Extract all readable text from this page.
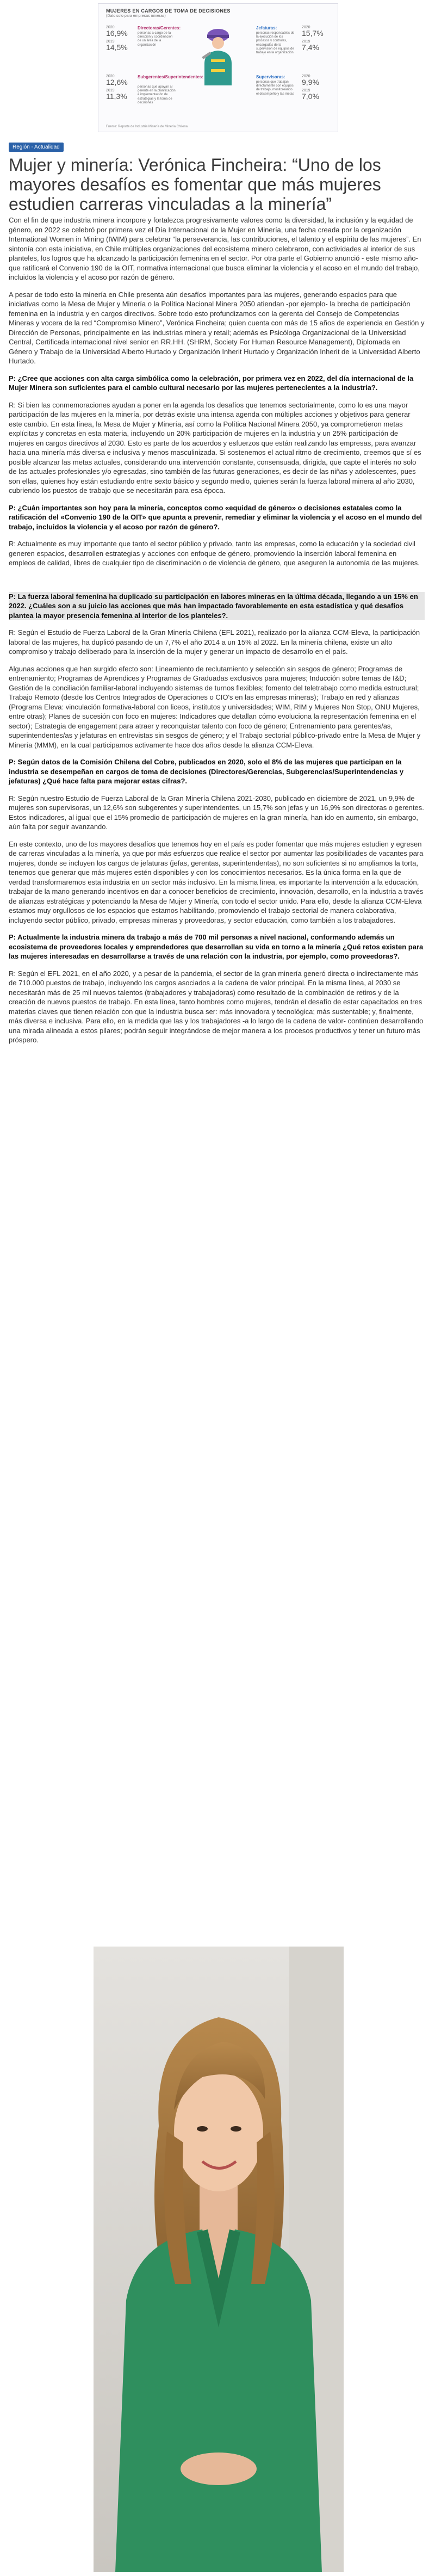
MUJERES EN CARGOS DE TOMA DE DECISIONES
(Dato solo para empresas mineras)
2020
16,9%
2019
14,5%
Directoras/Gerentes:
personas a cargo de la dirección y coordinación de un área de la organización
Jefaturas:
personas responsables de la ejecución de los procesos y controles, encargadas de la supervisión de equipos de trabajo en la organización
2020
15,7%
2019
7,4%
2020
12,6%
2019
11,3%
Subgerentes/Superintendentes:
personas que apoyan al gerente en la planificación e implementación de estrategias y la toma de decisiones
Supervisoras:
personas que trabajan directamente con equipos de trabajo, monitoreando el desempeño y las metas
2020
9,9%
2019
7,0%
Fuente: Reporte de Industria Minería de Minería Chilena
Región - Actualidad
Mujer y minería: Verónica Fincheira: “Uno de los mayores desafíos es fomentar que más mujeres estudien carreras vinculadas a la minería”

Con el fin de que industria minera incorpore y fortalezca progresivamente valores como la diversidad, la inclusión y la equidad de género, en 2022 se celebró por primera vez el Día Internacional de la Mujer en Minería, una fecha creada por la organización International Women in Mining (IWIM) para celebrar “la perseverancia, las contribuciones, el talento y el espíritu de las mujeres”. En sintonía con esta iniciativa, en Chile múltiples organizaciones del ecosistema minero celebraron, con actividades al interior de sus planteles, los logros que ha alcanzado la participación femenina en el sector. Por otra parte el Gobierno anunció - este mismo año- que ratificará el Convenio 190 de la OIT, normativa internacional que busca eliminar la violencia y el acoso en el mundo del trabajo, incluidos la violencia y el acoso por razón de género.

A pesar de todo esto la minería en Chile presenta aún desafíos importantes para las mujeres, generando espacios para que iniciativas como la Mesa de Mujer y Minería o la Política Nacional Minera 2050 atiendan -por ejemplo- la brecha de participación femenina en la industria y en cargos directivos. Sobre todo esto profundizamos con la gerenta del Consejo de Competencias Mineras y vocera de la red “Compromiso Minero”, Verónica Fincheira; quien cuenta con más de 15 años de experiencia en Gestión y Dirección de Personas, principalmente en las industrias minera y retail; además es Psicóloga Organizacional de la Universidad Central, Certificada internacional nivel senior en RR.HH. (SHRM, Society For Human Resource Management), Diplomada en Género y Trabajo de la Universidad Alberto Hurtado y Organización Inherit Hurtado y Organización Inherit de la Universidad Alberto Hurtado.

P: ¿Cree que acciones con alta carga simbólica como la celebración, por primera vez en 2022, del día internacional de la Mujer Minera son suficientes para el cambio cultural necesario por las mujeres pertenecientes a la industria?.

R: Si bien las conmemoraciones ayudan a poner en la agenda los desafíos que tenemos sectorialmente, como lo es una mayor participación de las mujeres en la minería, por detrás existe una intensa agenda con múltiples acciones y objetivos para generar este cambio. En esta línea, la Mesa de Mujer y Minería, así como la Política Nacional Minera 2050, ya comprometieron metas explícitas y concretas en esta materia, incluyendo un 20% participación de mujeres en la industria y un 25% participación de mujeres en cargos directivos al 2030. Esto es parte de los acuerdos y esfuerzos que están realizando las empresas, para avanzar hacia una minería más diversa e inclusiva y menos masculinizada. Si sostenemos el actual ritmo de crecimiento, creemos que sí es posible alcanzar las metas actuales, considerando una intervención constante, consensuada, dirigida, que capte el interés no solo de las actuales profesionales y/o egresadas, sino también de las futuras generaciones, es decir de las niñas y adolescentes, pues son ellas, quienes hoy están estudiando entre sexto básico y segundo medio, quienes serán la fuerza laboral minera al año 2030, cubriendo los puestos de trabajo que se necesitarán para esa época.

P: ¿Cuán importantes son hoy para la minería, conceptos como «equidad de género» o decisiones estatales como la ratificación del «Convenio 190 de la OIT» que apunta a prevenir, remediar y eliminar la violencia y el acoso en el mundo del trabajo, incluidos la violencia y el acoso por razón de género?.

R: Actualmente es muy importante que tanto el sector público y privado, tanto las empresas, como la educación y la sociedad civil generen espacios, desarrollen estrategias y acciones con enfoque de género, promoviendo la inserción laboral femenina en empleos de calidad, libres de cualquier tipo de discriminación o de violencia de género, que aseguren la autonomía de las mujeres.

P: La fuerza laboral femenina ha duplicado su participación en labores mineras en la última década, llegando a un 15% en 2022. ¿Cuáles son a su juicio las acciones que más han impactado favorablemente en esta estadística y qué desafíos plantea la mayor presencia femenina al interior de los planteles?.

R: Según el Estudio de Fuerza Laboral de la Gran Minería Chilena (EFL 2021), realizado por la alianza CCM-Eleva, la participación laboral de las mujeres, ha duplicó pasando de un 7,7% el año 2014 a un 15% al 2022. En la minería chilena, existe un alto compromiso y trabajo deliberado para la inserción de la mujer y generar un impacto de desarrollo en el país.

Algunas acciones que han surgido efecto son: Lineamiento de reclutamiento y selección sin sesgos de género; Programas de entrenamiento; Programas de Aprendices y Programas de Graduadas exclusivos para mujeres; Inducción sobre temas de I&D; Gestión de la conciliación familiar-laboral incluyendo sistemas de turnos flexibles; fomento del teletrabajo como medida estructural; Trabajo Remoto (desde los Centros Integrados de Operaciones o CIO's en las empresas mineras); Trabajo en red y alianzas (Programa Eleva: vinculación formativa-laboral con liceos, institutos y universidades; WIM, RIM y Mujeres Non Stop, ONU Mujeres, entre otras); Planes de sucesión con foco en mujeres: Indicadores que detallan cómo evoluciona la representación femenina en el sector); Estrategia de engagement para atraer y reconquistar talento con foco de género; Entrenamiento para gerentes/as, superintendentes/as y jefaturas en entrevistas sin sesgos de género; y el Trabajo sectorial público-privado entre la Mesa de Mujer y Minería (MMM), en la cual participamos activamente hace dos años desde la alianza CCM-Eleva.

P: Según datos de la Comisión Chilena del Cobre, publicados en 2020, solo el 8% de las mujeres que participan en la industria se desempeñan en cargos de toma de decisiones (Directores/Gerencias, Subgerencias/Superintendencias y jefaturas) ¿Qué hace falta para mejorar estas cifras?.

R: Según nuestro Estudio de Fuerza Laboral de la Gran Minería Chilena 2021-2030, publicado en diciembre de 2021, un 9,9% de mujeres son supervisoras, un 12,6% son subgerentes y superintendentes, un 15,7% son jefas y un 16,9% son directoras o gerentes. Estos indicadores, al igual que el 15% promedio de participación de mujeres en la gran minería, han ido en aumento, sin embargo, aún falta por seguir avanzando.

En este contexto, uno de los mayores desafíos que tenemos hoy en el país es poder fomentar que más mujeres estudien y egresen de carreras vinculadas a la minería, ya que por más esfuerzos que realice el sector por aumentar las posibilidades de vacantes para mujeres, donde se incluyen los cargos de jefaturas (jefas, gerentas, superintendentas), no son suficientes si no ampliamos la torta, tenemos que generar que más mujeres estén disponibles y con los conocimientos necesarios. Es la única forma en la que de verdad transformaremos esta industria en un sector más inclusivo. En la misma línea, es importante la intervención a la educación, trabajar de la mano generando incentivos en dar a conocer beneficios de crecimiento, innovación, desarrollo, en la industria a través de alianzas estratégicas y potenciando la Mesa de Mujer y Minería, con todo el sector unido. Para ello, desde la alianza CCM-Eleva estamos muy orgullosos de los espacios que estamos habilitando, promoviendo el trabajo sectorial de manera colaborativa, incluyendo sector público, privado, empresas mineras y proveedoras, y sector educación, como también a los trabajadores.

P: Actualmente la industria minera da trabajo a más de 700 mil personas a nivel nacional, conformando además un ecosistema de proveedores locales y emprendedores que desarrollan su vida en torno a la minería ¿Qué retos existen para las mujeres interesadas en desarrollarse a través de una relación con la industria, por ejemplo, como proveedoras?.

R: Según el EFL 2021, en el año 2020, y a pesar de la pandemia, el sector de la gran minería generó directa o indirectamente más de 710.000 puestos de trabajo, incluyendo los cargos asociados a la cadena de valor principal. En la misma línea, al 2030 se necesitarán más de 25 mil nuevos talentos (trabajadores y trabajadoras) como resultado de la combinación de retiros y de la creación de nuevos puestos de trabajo. En esta línea, tanto hombres como mujeres, tendrán el desafío de estar capacitados en tres materias claves que tienen relación con que la industria busca ser: más innovadora y tecnológica; más sustentable; y, finalmente, más diversa e inclusiva. Para ello, en la medida que las y los trabajadores -a lo largo de la cadena de valor- continúen desarrollando una mirada alineada a estos pilares; podrán seguir integrándose de mejor manera a los procesos productivos y tener un futuro más próspero.
